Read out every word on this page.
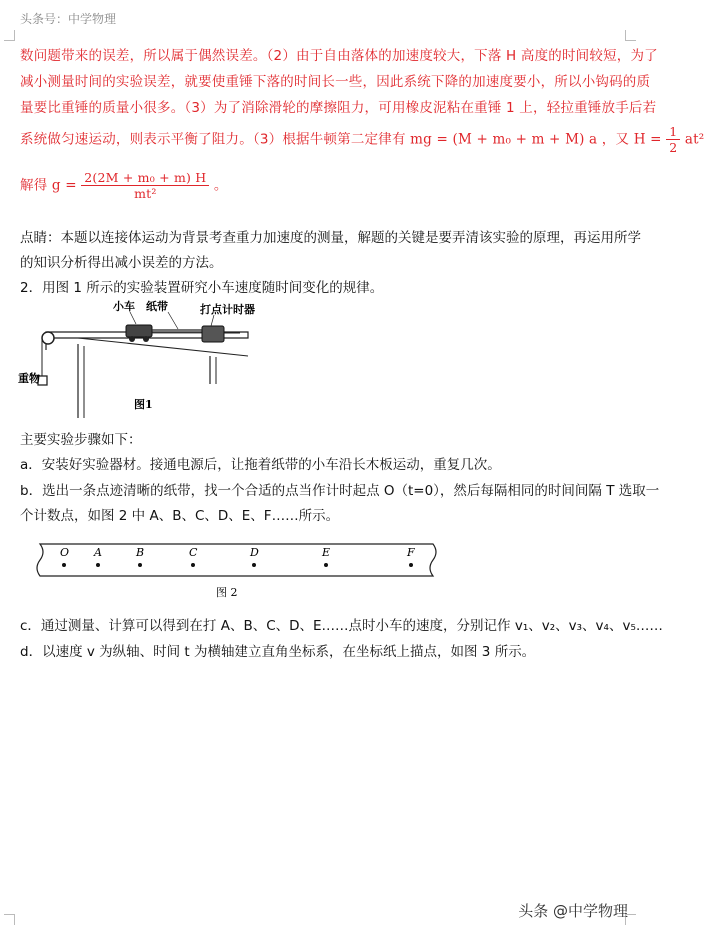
头条号：中学物理
数问题带来的误差，所以属于偶然误差。（2）由于自由落体的加速度较大，下落 H 高度的时间较短，为了
减小测量时间的实验误差，就要使重锤下落的时间长一些，因此系统下降的加速度要小，所以小钩码的质
量要比重锤的质量小很多。（3）为了消除滑轮的摩擦阻力，可用橡皮泥粘在重锤 1 上，轻拉重锤放手后若
系统做匀速运动，则表示平衡了阻力。（3）根据牛顿第二定律有 mg = (M + m₀ + m + M) a ，又 $H = \frac{1}{2} at^2$
解得 $g = \frac{\text{2(2M + m₀ + m) H}}{\text{mt²}}$ 。
点睛：本题以连接体运动为背景考查重力加速度的测量，解题的关键是要弄清该实验的原理，再运用所学
的知识分析得出减小误差的方法。
2．用图 1 所示的实验装置研究小车速度随时间变化的规律。
小车 纸带	打点计时器
重物
图1
主要实验步骤如下：
a．安装好实验器材。接通电源后，让拖着纸带的小车沿长木板运动，重复几次。
b．选出一条点迹清晰的纸带，找一个合适的点当作计时起点 O（t=0），然后每隔相同的时间间隔 T 选取一
个计数点，如图 2 中 A、B、C、D、E、F……所示。
O A	B	C	D	E	F
图 2
c．通过测量、计算可以得到在打 A、B、C、D、E……点时小车的速度，分别记作 v₁、v₂、v₃、v₄、v₅……
d．以速度 v 为纵轴、时间 t 为横轴建立直角坐标系，在坐标纸上描点，如图 3 所示。
头条 @中学物理
